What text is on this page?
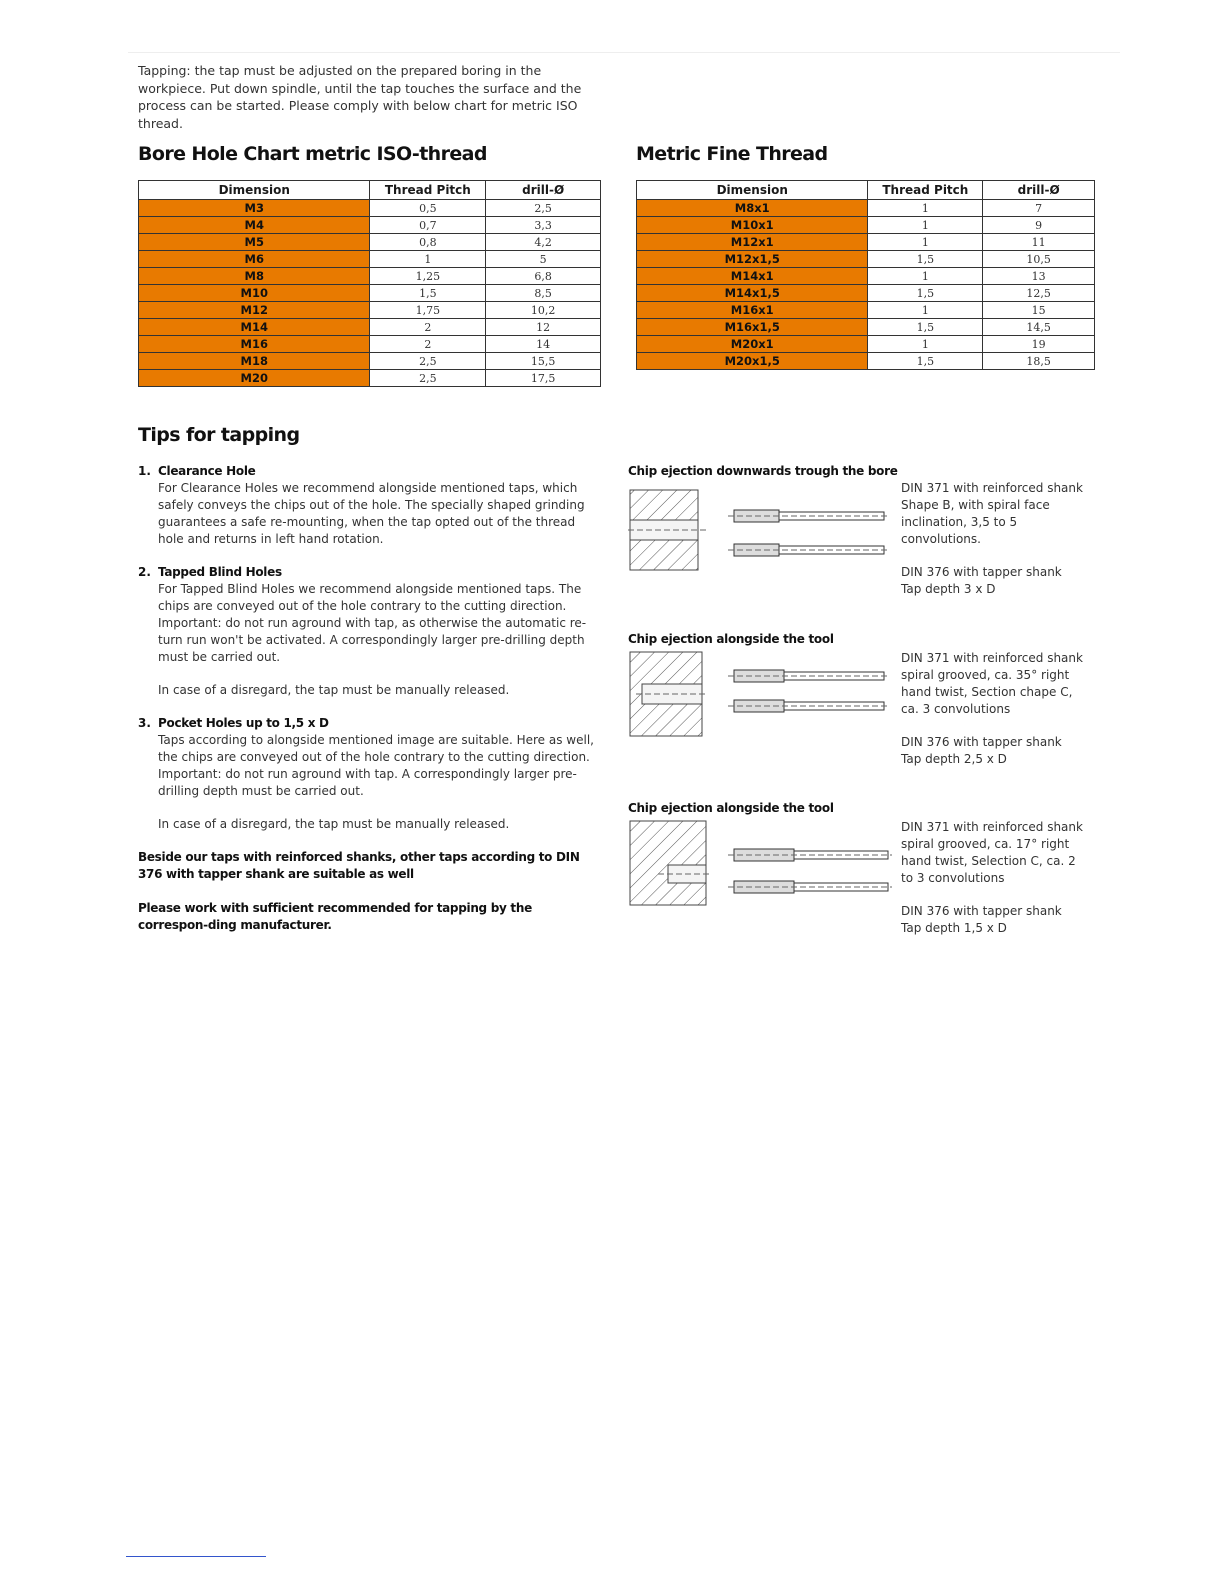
Tapping: the tap must be adjusted on the prepared boring in the workpiece. Put down spindle, until the tap touches the surface and the process can be started. Please comply with below chart for metric ISO thread.
Bore Hole Chart metric ISO-thread
Dimension	Thread Pitch	drill-Ø
M3	0,5	2,5
M4	0,7	3,3
M5	0,8	4,2
M6	1	5
M8	1,25	6,8
M10	1,5	8,5
M12	1,75	10,2
M14	2	12
M16	2	14
M18	2,5	15,5
M20	2,5	17,5
Metric Fine Thread
Dimension	Thread Pitch	drill-Ø
M8x1	1	7
M10x1	1	9
M12x1	1	11
M12x1,5	1,5	10,5
M14x1	1	13
M14x1,5	1,5	12,5
M16x1	1	15
M16x1,5	1,5	14,5
M20x1	1	19
M20x1,5	1,5	18,5
Tips for tapping
1. Clearance Hole

For Clearance Holes we recommend alongside mentioned taps, which safely conveys the chips out of the hole. The specially shaped grinding guarantees a safe re-mounting, when the tap opted out of the thread hole and returns in left hand rotation.

2. Tapped Blind Holes

For Tapped Blind Holes we recommend alongside mentioned taps. The chips are conveyed out of the hole contrary to the cutting direction. Important: do not run aground with tap, as otherwise the automatic re-turn run won't be activated. A correspondingly larger pre-drilling depth must be carried out.

In case of a disregard, the tap must be manually released.

3. Pocket Holes up to 1,5 x D

Taps according to alongside mentioned image are suitable. Here as well, the chips are conveyed out of the hole contrary to the cutting direction. Important: do not run aground with tap. A correspondingly larger pre-drilling depth must be carried out.

In case of a disregard, the tap must be manually released.

Beside our taps with reinforced shanks, other taps according to DIN 376 with tapper shank are suitable as well

Please work with sufficient recommended for tapping by the correspon-ding manufacturer.

Chip ejection downwards trough the bore
DIN 371 with reinforced shank Shape B, with spiral face inclination, 3,5 to 5 convolutions.
DIN 376 with tapper shank
Tap depth 3 x D
Chip ejection alongside the tool
DIN 371 with reinforced shank spiral grooved, ca. 35° right hand twist, Section chape C, ca. 3 convolutions
DIN 376 with tapper shank
Tap depth 2,5 x D
Chip ejection alongside the tool
DIN 371 with reinforced shank spiral grooved, ca. 17° right hand twist, Selection C, ca. 2 to 3 convolutions
DIN 376 with tapper shank
Tap depth 1,5 x D
